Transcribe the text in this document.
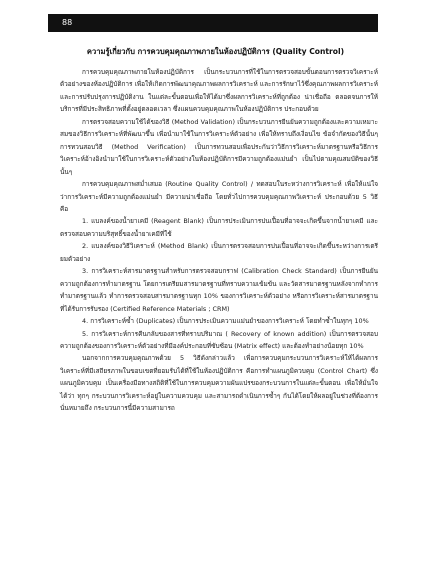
88
ความรู้เกี่ยวกับ การควบคุมคุณภาพภายในห้องปฏิบัติการ (Quality Control)

การควบคุมคุณภาพภายในห้องปฏิบัติการ เป็นกระบวนการที่ใช้ในการตรวจสอบขั้นตอนการตรวจวิเคราะห์ตัวอย่างของห้องปฏิบัติการ เพื่อให้เกิดการพัฒนาคุณภาพผลการวิเคราะห์ และการรักษาไว้ซึ่งคุณภาพผลการวิเคราะห์ และการปรับปรุงการปฏิบัติงาน ในแต่ละขั้นตอนเพื่อให้ได้มาซึ่งผลการวิเคราะห์ที่ถูกต้อง น่าเชื่อถือ ตลอดจนการให้บริการที่มีประสิทธิภาพที่ตั้งอยู่ตลอดเวลา ซึ่งแผนควบคุมคุณภาพในห้องปฏิบัติการ ประกอบด้วย

การตรวจสอบความใช้ได้ของวิธี (Method Validation) เป็นกระบวนการยืนยันความถูกต้องและความเหมาะสมของวิธีการวิเคราะห์ที่พัฒนาขึ้น เพื่อนำมาใช้ในการวิเคราะห์ตัวอย่าง เพื่อให้ทราบถึงเงื่อนไข ข้อจำกัดของวิธีนั้นๆ การทวนสอบวิธี (Method Verification) เป็นการทวนสอบเพื่อประกันว่าวิธีการวิเคราะห์มาตรฐานหรือวิธีการวิเคราะห์อ้างอิงนำมาใช้ในการวิเคราะห์ตัวอย่างในห้องปฏิบัติการมีความถูกต้องแม่นยำ เป็นไปตามคุณสมบัติของวิธีนั้นๆ

การควบคุมคุณภาพสม่ำเสมอ (Routine Quality Control) / ทดสอบในระหว่างการวิเคราะห์ เพื่อให้แน่ใจว่าการวิเคราะห์มีความถูกต้องแม่นยำ มีความน่าเชื่อถือ โดยทั่วไปการควบคุมคุณภาพวิเคราะห์ ประกอบด้วย 5 วิธี คือ

1. แบลงค์ของน้ำยาเคมี (Reagent Blank) เป็นการประเมินการปนเปื้อนที่อาจจะเกิดขึ้นจากน้ำยาเคมี และตรวจสอบความบริสุทธิ์ของน้ำยาเคมีที่ใช้

2. แบลงค์ของวิธีวิเคราะห์ (Method Blank) เป็นการตรวจสอบการปนเปื้อนที่อาจจะเกิดขึ้นระหว่างการเตรียมตัวอย่าง

3. การวิเคราะห์สารมาตรฐานสำหรับการตรวจสอบกราฟ (Calibration Check Standard) เป็นการยืนยันความถูกต้องการทำมาตรฐาน โดยการเตรียมสารมาตรฐานที่ทราบความเข้มข้น และวัดสารมาตรฐานหลังจากทำการทำมาตรฐานแล้ว ทำการตรวจสอบสารมาตรฐานทุก 10% ของการวิเคราะห์ตัวอย่าง หรือการวิเคราะห์สารมาตรฐานที่ได้รับการรับรอง (Certified Reference Materials ; CRM)

4. การวิเคราะห์ซ้ำ (Duplicates) เป็นการประเมินความแม่นยำของการวิเคราะห์ โดยทำซ้ำในทุกๆ 10%

5. การวิเคราะห์การคืนกลับของสารที่ทราบปริมาณ ( Recovery of known addition) เป็นการตรวจสอบความถูกต้องของการวิเคราะห์ตัวอย่างที่มีองค์ประกอบที่ซับซ้อน (Matrix effect) และต้องทำอย่างน้อยทุก 10%

นอกจากการควบคุมคุณภาพด้วย 5 วิธีดังกล่าวแล้ว เพื่อการควบคุมกระบวนการวิเคราะห์ให้ได้ผลการวิเคราะห์ที่มีเสถียรภาพในขอบเขตที่ยอมรับได้ที่ใช้ในห้องปฏิบัติการ คือการทำแผนภูมิควบคุม (Control Chart) ซึ่งแผนภูมิควบคุม เป็นเครื่องมือทางสถิติที่ใช้ในการควบคุมความผันแปรของกระบวนการในแต่ละขั้นตอน เพื่อให้มั่นใจได้ว่า ทุกๆ กระบวนการวิเคราะห์อยู่ในความควบคุม และสามารถดำเนินการซ้ำๆ กันได้โดยให้ผลอยู่ในช่วงที่ต้องการ นั่นหมายถึง กระบวนการนี้มีความสามารถ
